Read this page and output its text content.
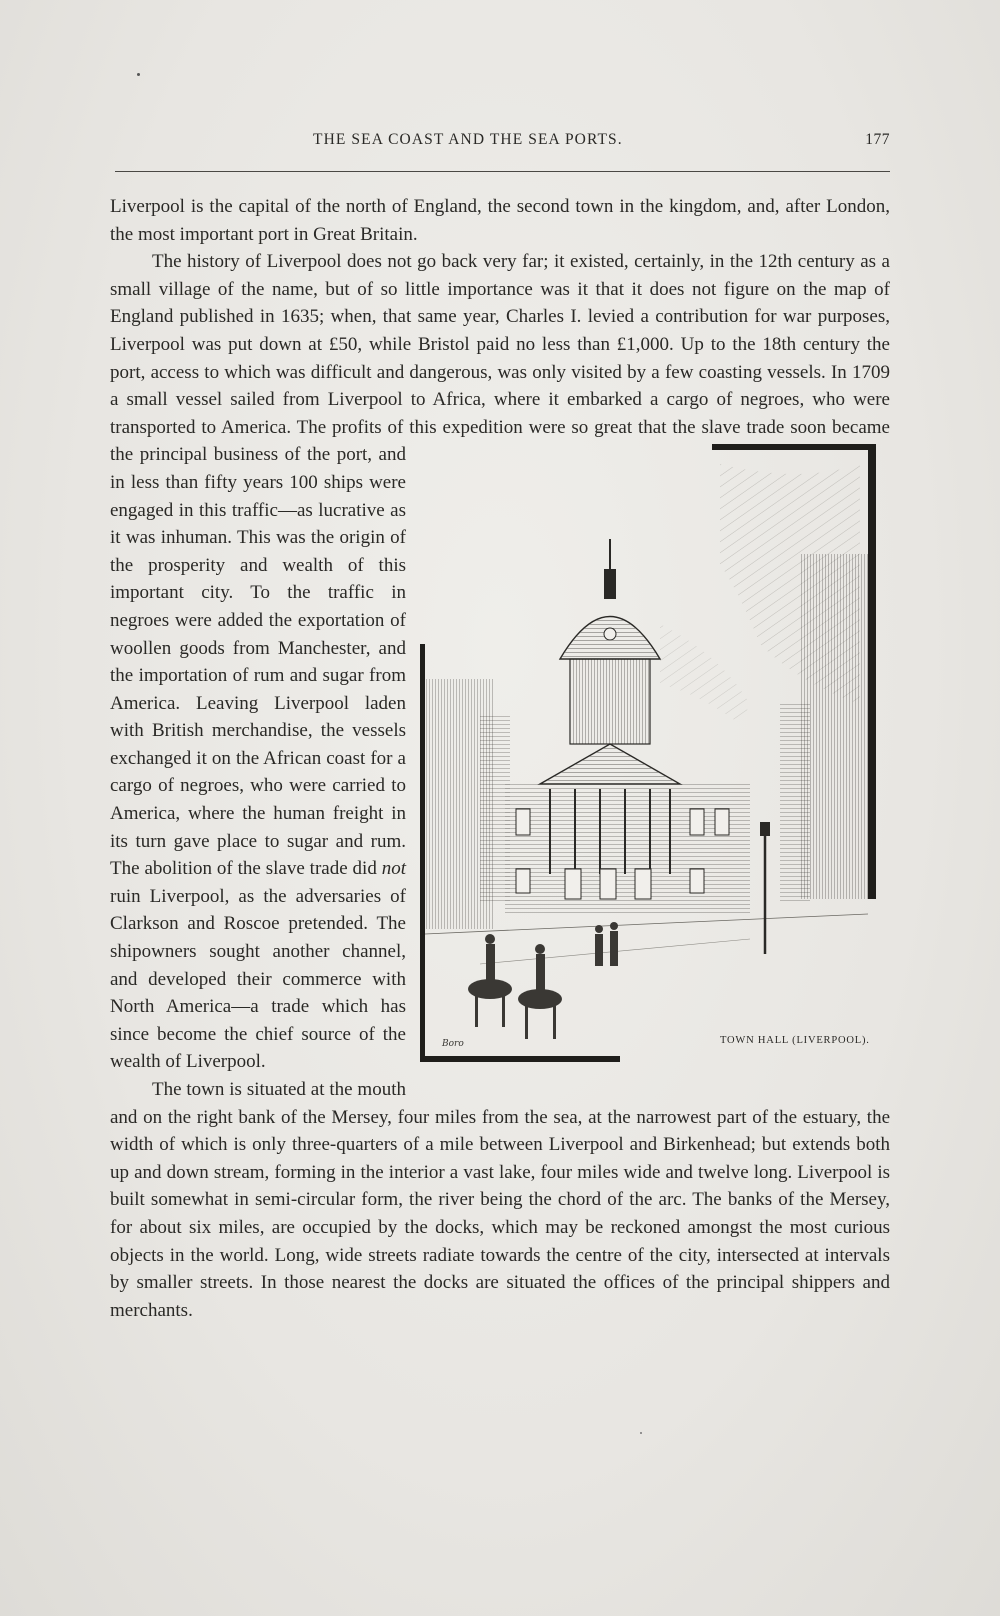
THE SEA COAST AND THE SEA PORTS.	177

Liverpool is the capital of the north of England, the second town in the kingdom, and, after London, the most important port in Great Britain.

Boro	TOWN HALL (LIVERPOOL).
The history of Liverpool does not go back very far; it existed, certainly, in the 12th century as a small village of the name, but of so little importance was it that it does not figure on the map of England published in 1635; when, that same year, Charles I. levied a contribution for war purposes, Liverpool was put down at £50, while Bristol paid no less than £1,000. Up to the 18th century the port, access to which was difficult and dangerous, was only visited by a few coasting vessels. In 1709 a small vessel sailed from Liverpool to Africa, where it embarked a cargo of negroes, who were transported to America. The profits of this expedition were so great that the slave trade soon became the principal business of the port, and in less than fifty years 100 ships were engaged in this traffic—as lucrative as it was inhuman. This was the origin of the prosperity and wealth of this important city. To the traffic in negroes were added the exportation of woollen goods from Manchester, and the importation of rum and sugar from America. Leaving Liverpool laden with British merchandise, the vessels exchanged it on the African coast for a cargo of negroes, who were carried to America, where the human freight in its turn gave place to sugar and rum. The abolition of the slave trade did not ruin Liverpool, as the adversaries of Clarkson and Roscoe pretended. The shipowners sought another channel, and developed their commerce with North America—a trade which has since become the chief source of the wealth of Liverpool.

The town is situated at the mouth and on the right bank of the Mersey, four miles from the sea, at the narrowest part of the estuary, the width of which is only three-quarters of a mile between Liverpool and Birkenhead; but extends both up and down stream, forming in the interior a vast lake, four miles wide and twelve long. Liverpool is built somewhat in semi-circular form, the river being the chord of the arc. The banks of the Mersey, for about six miles, are occupied by the docks, which may be reckoned amongst the most curious objects in the world. Long, wide streets radiate towards the centre of the city, intersected at intervals by smaller streets. In those nearest the docks are situated the offices of the principal shippers and merchants.
